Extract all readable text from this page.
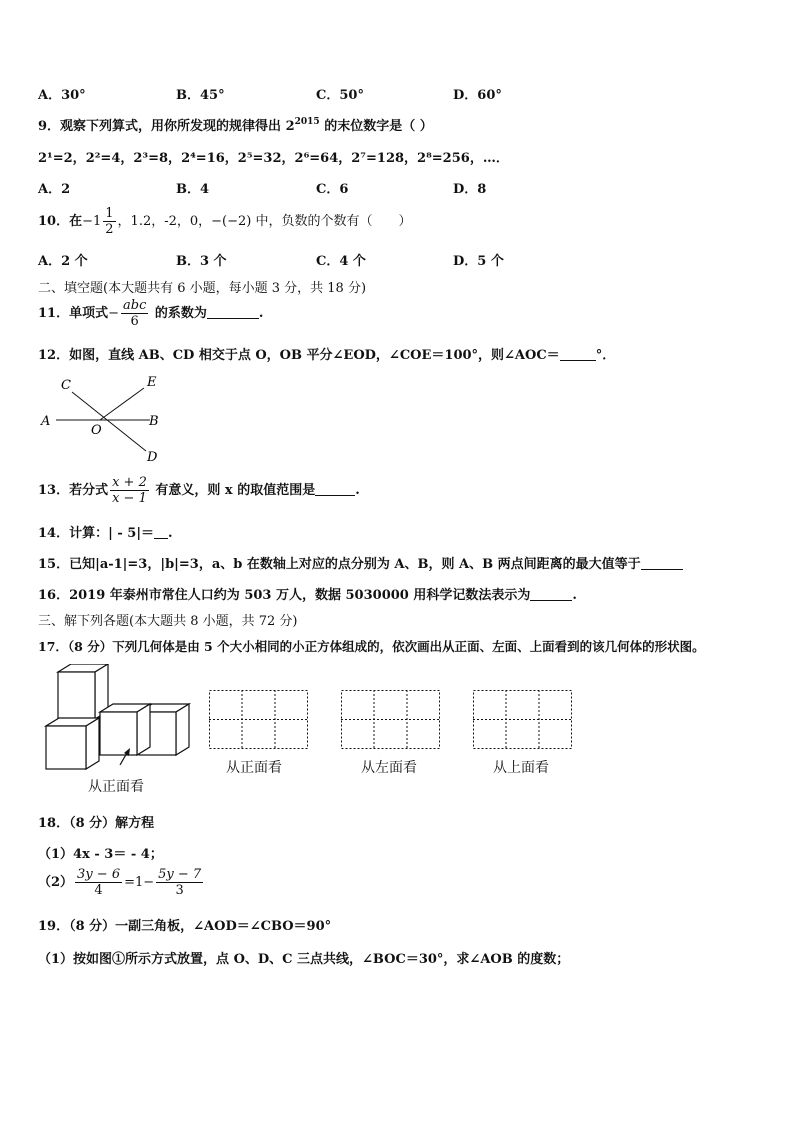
A．30°	B．45°	C．50°	D．60°
9．观察下列算式，用你所发现的规律得出 $2^{2015}$ 的末位数字是（ ）
2¹=2，2²=4，2³=8，2⁴=16，2⁵=32，2⁶=64，2⁷=128，2⁸=256，…．
A．2	B．4	C．6	D．8
10．在$-1 \frac{1}{2}$ ，1.2，-2，0，−(−2) 中，负数的个数有（　　）
A．2 个	B．3 个	C．4 个	D．5 个
二、填空题(本大题共有 6 小题，每小题 3 分，共 18 分)
11．单项式− $\frac{\text{abc}}{6}$ 的系数为	.
12．如图，直线 AB、CD 相交于点 O，OB 平分∠EOD，∠COE＝100°，则∠AOC＝	°．
C	E
A
O
B
D
13．若分式 $\frac{x + 2}{x - 1}$ 有意义，则 x 的取值范围是	.
14．计算：| - 5|＝ .
15．已知|a-1|=3，|b|=3，a、b 在数轴上对应的点分别为 A、B，则 A、B 两点间距离的最大值等于
16．2019 年泰州市常住人口约为 503 万人，数据 5030000 用科学记数法表示为	.
三、解下列各题(本大题共 8 小题，共 72 分)
17．（8 分）下列几何体是由 5 个大小相同的小正方体组成的，依次画出从正面、左面、上面看到的该几何体的形状图。
从正面看
从正面看	从左面看	从上面看
18．（8 分）解方程
（1）4x - 3＝ - 4；
$(2) \frac{3y - 6}{4} =1- \frac{5y - 7}{3}$
19．（8 分）一副三角板，∠AOD＝∠CBO＝90°
（1）按如图①所示方式放置，点 O、D、C 三点共线，∠BOC＝30°，求∠AOB 的度数；
